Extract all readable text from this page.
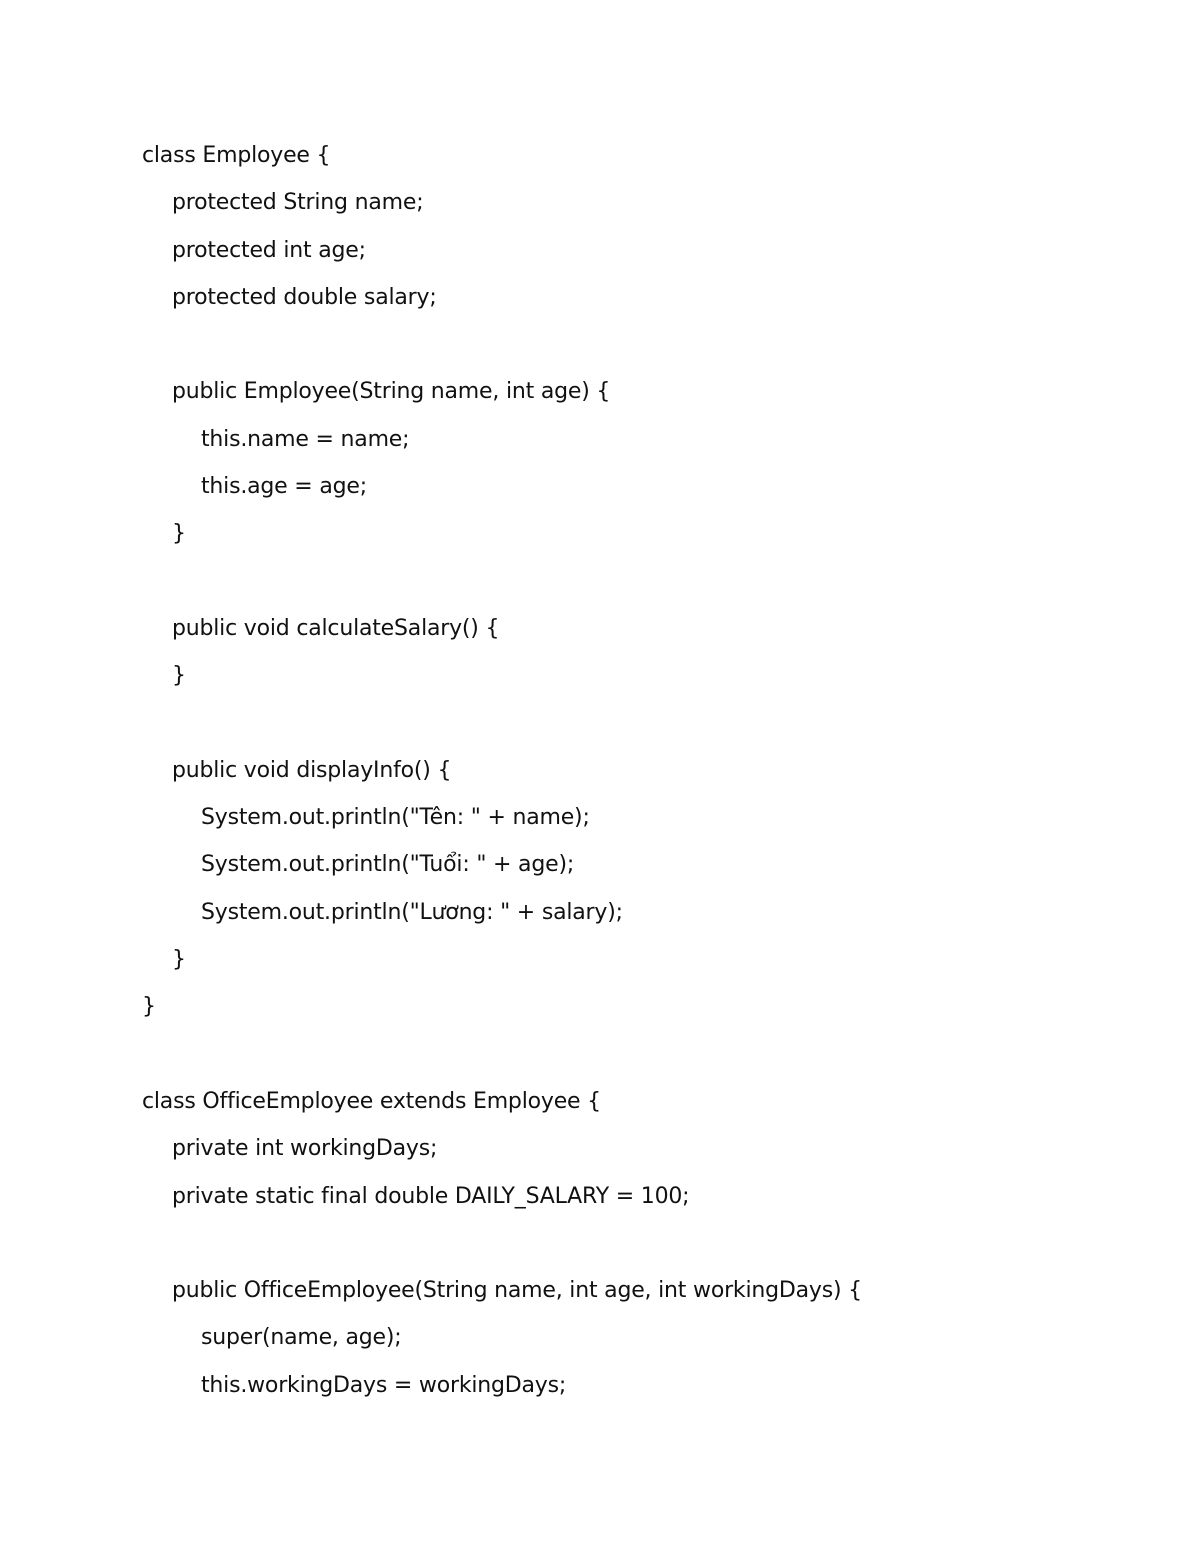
class Employee {
protected String name;
protected int age;
protected double salary;
public Employee(String name, int age) {
this.name = name;
this.age = age;
}
public void calculateSalary() {
}
public void displayInfo() {
System.out.println("Tên: " + name);
System.out.println("Tuổi: " + age);
System.out.println("Lương: " + salary);
}
}
class OfficeEmployee extends Employee {
private int workingDays;
private static final double DAILY_SALARY = 100;
public OfficeEmployee(String name, int age, int workingDays) {
super(name, age);
this.workingDays = workingDays;
